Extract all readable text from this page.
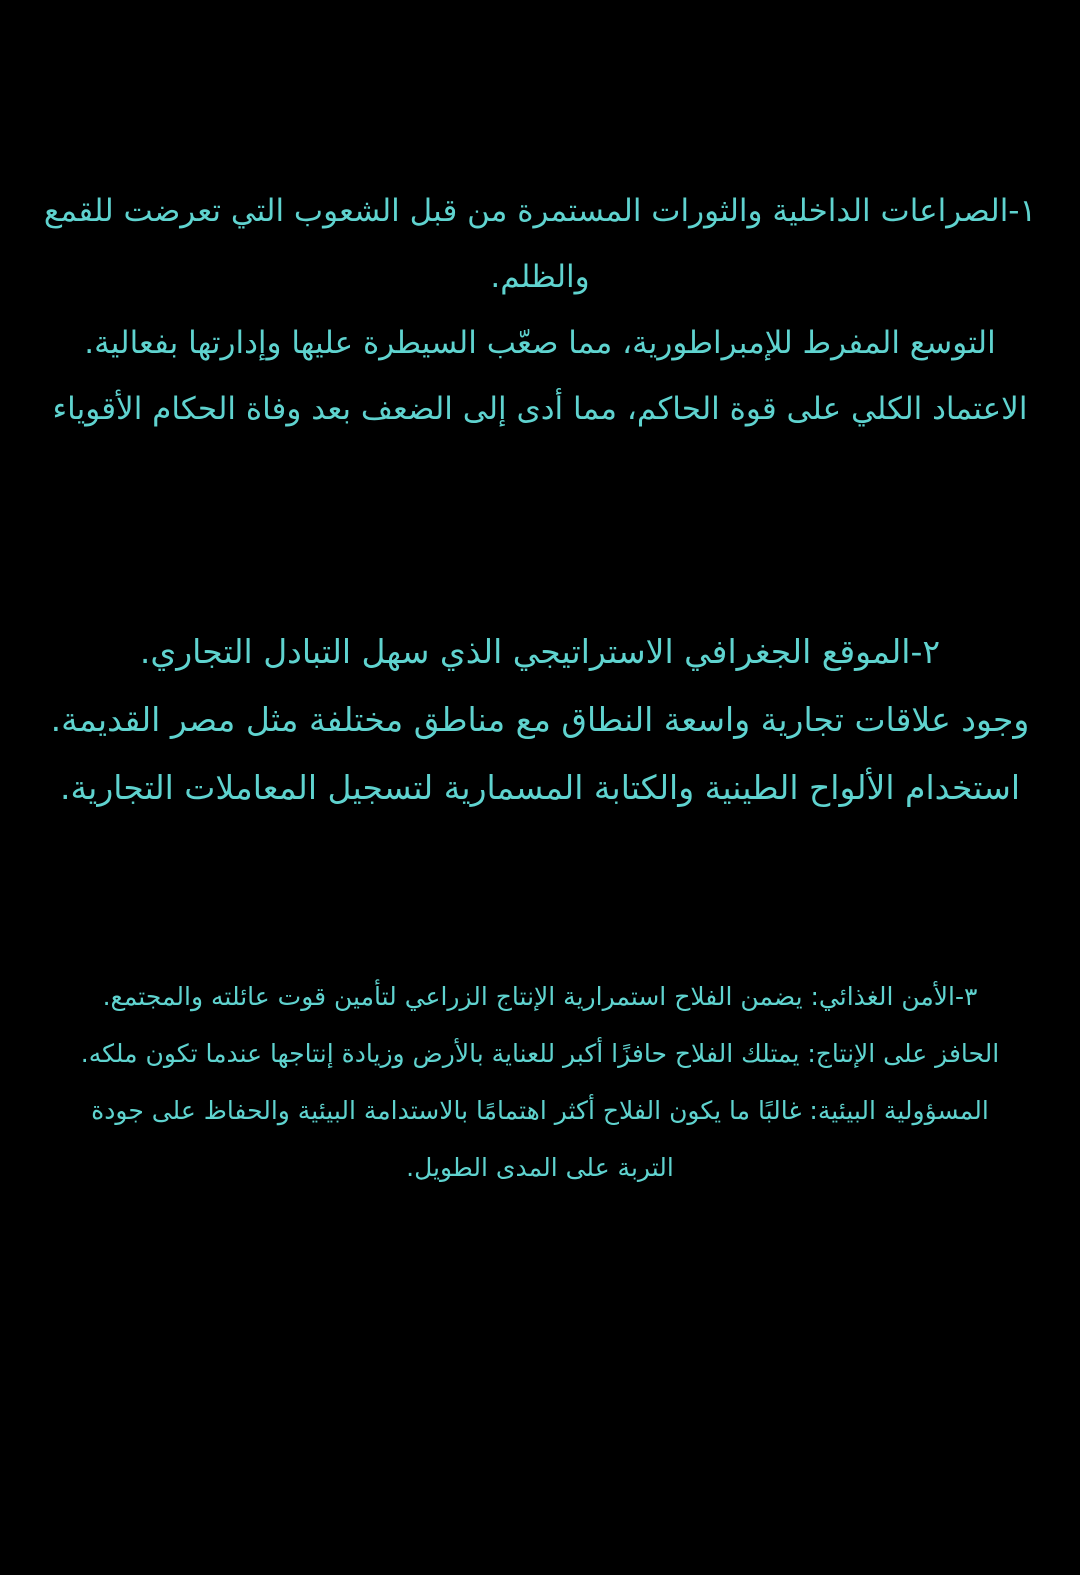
١-الصراعات الداخلية والثورات المستمرة من قبل الشعوب التي تعرضت للقمع والظلم.

التوسع المفرط للإمبراطورية، مما صعّب السيطرة عليها وإدارتها بفعالية.

الاعتماد الكلي على قوة الحاكم، مما أدى إلى الضعف بعد وفاة الحكام الأقوياء

٢-الموقع الجغرافي الاستراتيجي الذي سهل التبادل التجاري.

وجود علاقات تجارية واسعة النطاق مع مناطق مختلفة مثل مصر القديمة.

استخدام الألواح الطينية والكتابة المسمارية لتسجيل المعاملات التجارية.

٣-الأمن الغذائي: يضمن الفلاح استمرارية الإنتاج الزراعي لتأمين قوت عائلته والمجتمع.

الحافز على الإنتاج: يمتلك الفلاح حافزًا أكبر للعناية بالأرض وزيادة إنتاجها عندما تكون ملكه.

المسؤولية البيئية: غالبًا ما يكون الفلاح أكثر اهتمامًا بالاستدامة البيئية والحفاظ على جودة التربة على المدى الطويل.
